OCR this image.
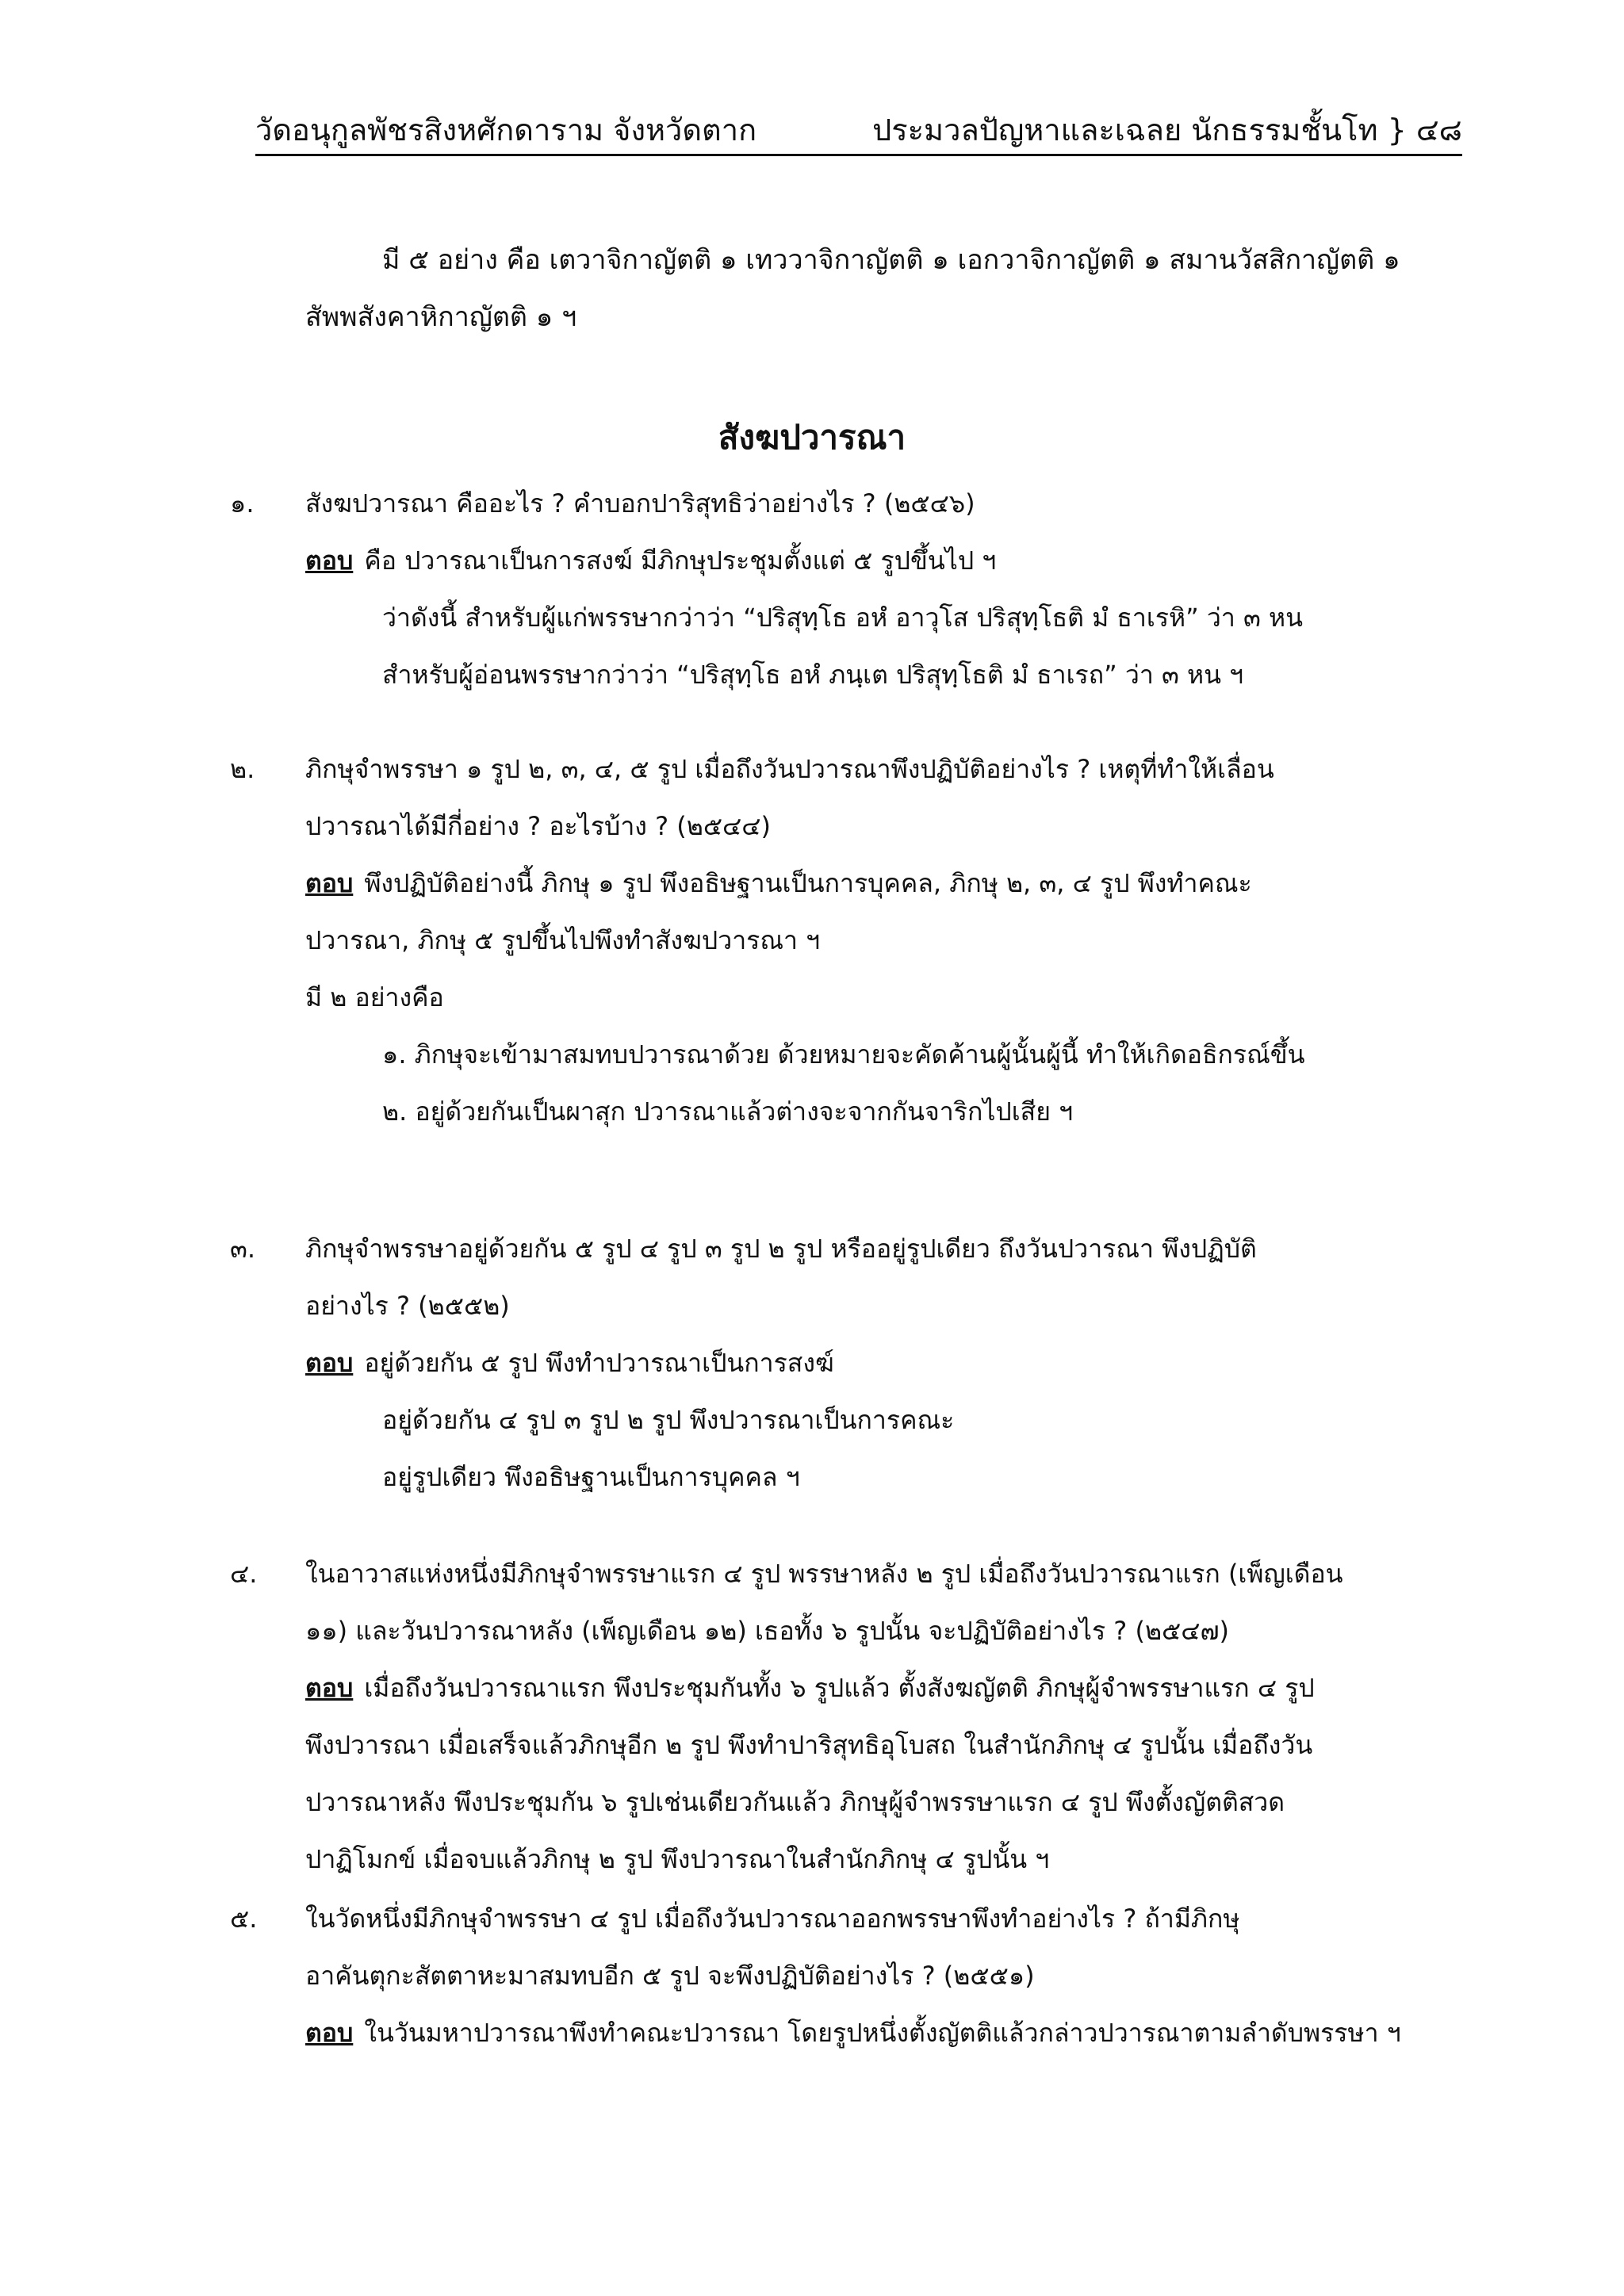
วัดอนุกูลพัชรสิงหศักดาราม จังหวัดตาก	ประมวลปัญหาและเฉลย นักธรรมชั้นโท } ๔๘
มี ๕ อย่าง คือ เตวาจิกาญัตติ ๑ เทววาจิกาญัตติ ๑ เอกวาจิกาญัตติ ๑ สมานวัสสิกาญัตติ ๑
สัพพสังคาหิกาญัตติ ๑ ฯ
สังฆปวารณา
๑. สังฆปวารณา คืออะไร ? คำบอกปาริสุทธิว่าอย่างไร ? (๒๕๔๖)
ตอบ คือ ปวารณาเป็นการสงฆ์ มีภิกษุประชุมตั้งแต่ ๕ รูปขึ้นไป ฯ
ว่าดังนี้ สำหรับผู้แก่พรรษากว่าว่า “ปริสุทฺโธ อหํ อาวุโส ปริสุทฺโธติ มํ ธาเรหิ” ว่า ๓ หน
สำหรับผู้อ่อนพรรษากว่าว่า “ปริสุทฺโธ อหํ ภนฺเต ปริสุทฺโธติ มํ ธาเรถ” ว่า ๓ หน ฯ
๒. ภิกษุจำพรรษา ๑ รูป ๒, ๓, ๔, ๕ รูป เมื่อถึงวันปวารณาพึงปฏิบัติอย่างไร ? เหตุที่ทำให้เลื่อน
ปวารณาได้มีกี่อย่าง ? อะไรบ้าง ? (๒๕๔๔)
ตอบ พึงปฏิบัติอย่างนี้ ภิกษุ ๑ รูป พึงอธิษฐานเป็นการบุคคล, ภิกษุ ๒, ๓, ๔ รูป พึงทำคณะ
ปวารณา, ภิกษุ ๕ รูปขึ้นไปพึงทำสังฆปวารณา ฯ
มี ๒ อย่างคือ
๑. ภิกษุจะเข้ามาสมทบปวารณาด้วย ด้วยหมายจะคัดค้านผู้นั้นผู้นี้ ทำให้เกิดอธิกรณ์ขึ้น
๒. อยู่ด้วยกันเป็นผาสุก ปวารณาแล้วต่างจะจากกันจาริกไปเสีย ฯ
๓. ภิกษุจำพรรษาอยู่ด้วยกัน ๕ รูป ๔ รูป ๓ รูป ๒ รูป หรืออยู่รูปเดียว ถึงวันปวารณา พึงปฏิบัติ
อย่างไร ? (๒๕๕๒)
ตอบ อยู่ด้วยกัน ๕ รูป พึงทำปวารณาเป็นการสงฆ์
อยู่ด้วยกัน ๔ รูป ๓ รูป ๒ รูป พึงปวารณาเป็นการคณะ
อยู่รูปเดียว พึงอธิษฐานเป็นการบุคคล ฯ
๔. ในอาวาสแห่งหนึ่งมีภิกษุจำพรรษาแรก ๔ รูป พรรษาหลัง ๒ รูป เมื่อถึงวันปวารณาแรก (เพ็ญเดือน
๑๑) และวันปวารณาหลัง (เพ็ญเดือน ๑๒) เธอทั้ง ๖ รูปนั้น จะปฏิบัติอย่างไร ? (๒๕๔๗)
ตอบ เมื่อถึงวันปวารณาแรก พึงประชุมกันทั้ง ๖ รูปแล้ว ตั้งสังฆญัตติ ภิกษุผู้จำพรรษาแรก ๔ รูป
พึงปวารณา เมื่อเสร็จแล้วภิกษุอีก ๒ รูป พึงทำปาริสุทธิอุโบสถ ในสำนักภิกษุ ๔ รูปนั้น เมื่อถึงวัน
ปวารณาหลัง พึงประชุมกัน ๖ รูปเช่นเดียวกันแล้ว ภิกษุผู้จำพรรษาแรก ๔ รูป พึงตั้งญัตติสวด
ปาฏิโมกข์ เมื่อจบแล้วภิกษุ ๒ รูป พึงปวารณาในสำนักภิกษุ ๔ รูปนั้น ฯ
๕. ในวัดหนึ่งมีภิกษุจำพรรษา ๔ รูป เมื่อถึงวันปวารณาออกพรรษาพึงทำอย่างไร ? ถ้ามีภิกษุ
อาคันตุกะสัตตาหะมาสมทบอีก ๕ รูป จะพึงปฏิบัติอย่างไร ? (๒๕๕๑)
ตอบ ในวันมหาปวารณาพึงทำคณะปวารณา โดยรูปหนึ่งตั้งญัตติแล้วกล่าวปวารณาตามลำดับพรรษา ฯ
